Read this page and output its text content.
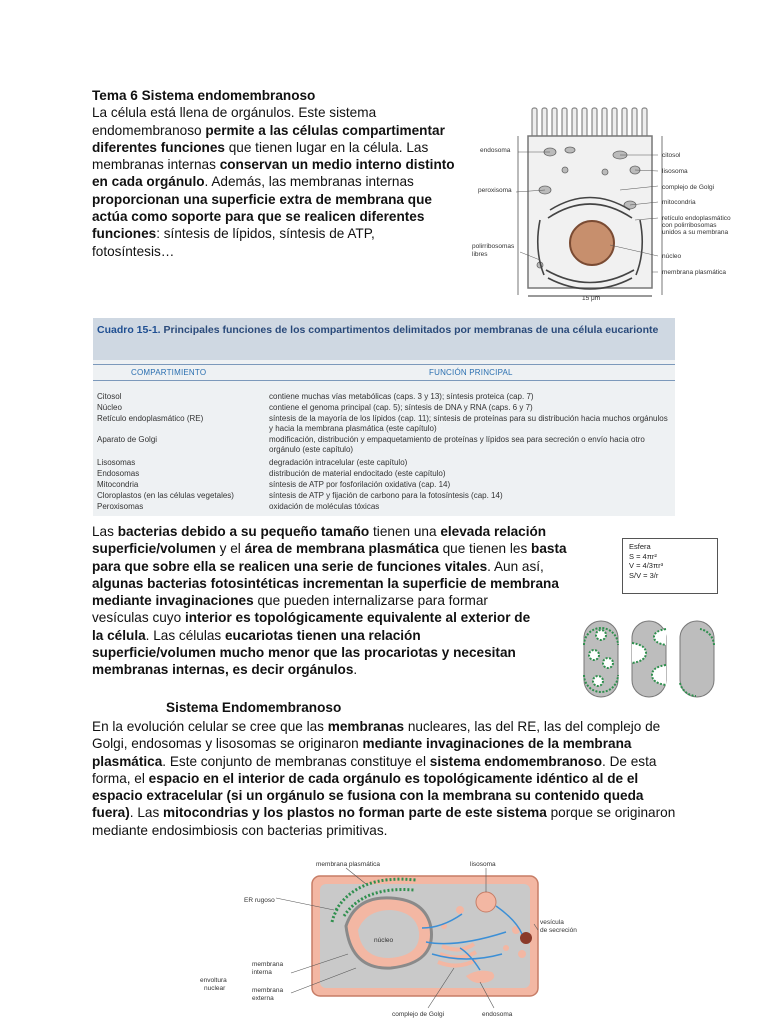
Tema 6 Sistema endomembranoso
La célula está llena de orgánulos. Este sistema endomembranoso permite a las células compartimentar diferentes funciones que tienen lugar en la célula. Las membranas internas conservan un medio interno distinto en cada orgánulo. Además, las membranas internas proporcionan una superficie extra de membrana que actúa como soporte para que se realicen diferentes funciones: síntesis de lípidos, síntesis de ATP, fotosíntesis…
15 μm
endosoma
peroxisoma
polirribosomas
libres
citosol
lisosoma
complejo de Golgi
mitocondria
retículo endoplasmático
con polirribosomas
unidos a su membrana
núcleo
membrana plasmática
Cuadro 15-1. Principales funciones de los compartimentos delimitados por membranas de una célula eucarionte
COMPARTIMIENTO	FUNCIÓN PRINCIPAL
Citosol	contiene muchas vías metabólicas (caps. 3 y 13); síntesis proteica (cap. 7)
Núcleo	contiene el genoma principal (cap. 5); síntesis de DNA y RNA (caps. 6 y 7)
Retículo endoplasmático (RE)	síntesis de la mayoría de los lípidos (cap. 11); síntesis de proteínas para su distribución hacia muchos orgánulos y hacia la membrana plasmática (este capítulo)
Aparato de Golgi	modificación, distribución y empaquetamiento de proteínas y lípidos sea para secreción o envío hacia otro orgánulo (este capítulo)
Lisosomas	degradación intracelular (este capítulo)
Endosomas	distribución de material endocitado (este capítulo)
Mitocondria	síntesis de ATP por fosforilación oxidativa (cap. 14)
Cloroplastos (en las células vegetales)	síntesis de ATP y fijación de carbono para la fotosíntesis (cap. 14)
Peroxisomas	oxidación de moléculas tóxicas
Las bacterias debido a su pequeño tamaño tienen una elevada relación
superficie/volumen y el área de membrana plasmática que tienen les basta
para que sobre ella se realicen una serie de funciones vitales. Aun así,
algunas bacterias fotosintéticas incrementan la superficie de membrana
mediante invaginaciones que pueden internalizarse para formar
vesículas cuyo interior es topológicamente equivalente al exterior de
la célula. Las células eucariotas tienen una relación
superficie/volumen mucho menor que las procariotas y necesitan
membranas internas, es decir orgánulos.
Esfera
S = 4πr²
V = 4/3πr³
S/V = 3/r
Sistema Endomembranoso
En la evolución celular se cree que las membranas nucleares, las del RE, las del complejo de Golgi, endosomas y lisosomas se originaron mediante invaginaciones de la membrana plasmática. Este conjunto de membranas constituye el sistema endomembranoso. De esta forma, el espacio en el interior de cada orgánulo es topológicamente idéntico al de el espacio extracelular (si un orgánulo se fusiona con la membrana su contenido queda fuera). Las mitocondrias y los plastos no forman parte de este sistema porque se originaron mediante endosimbiosis con bacterias primitivas.
membrana plasmática	lisosoma
ER rugoso
vesícula
de secreción
núcleo
membrana
interna
envoltura
nuclear	membrana
externa
complejo de Golgi	endosoma
